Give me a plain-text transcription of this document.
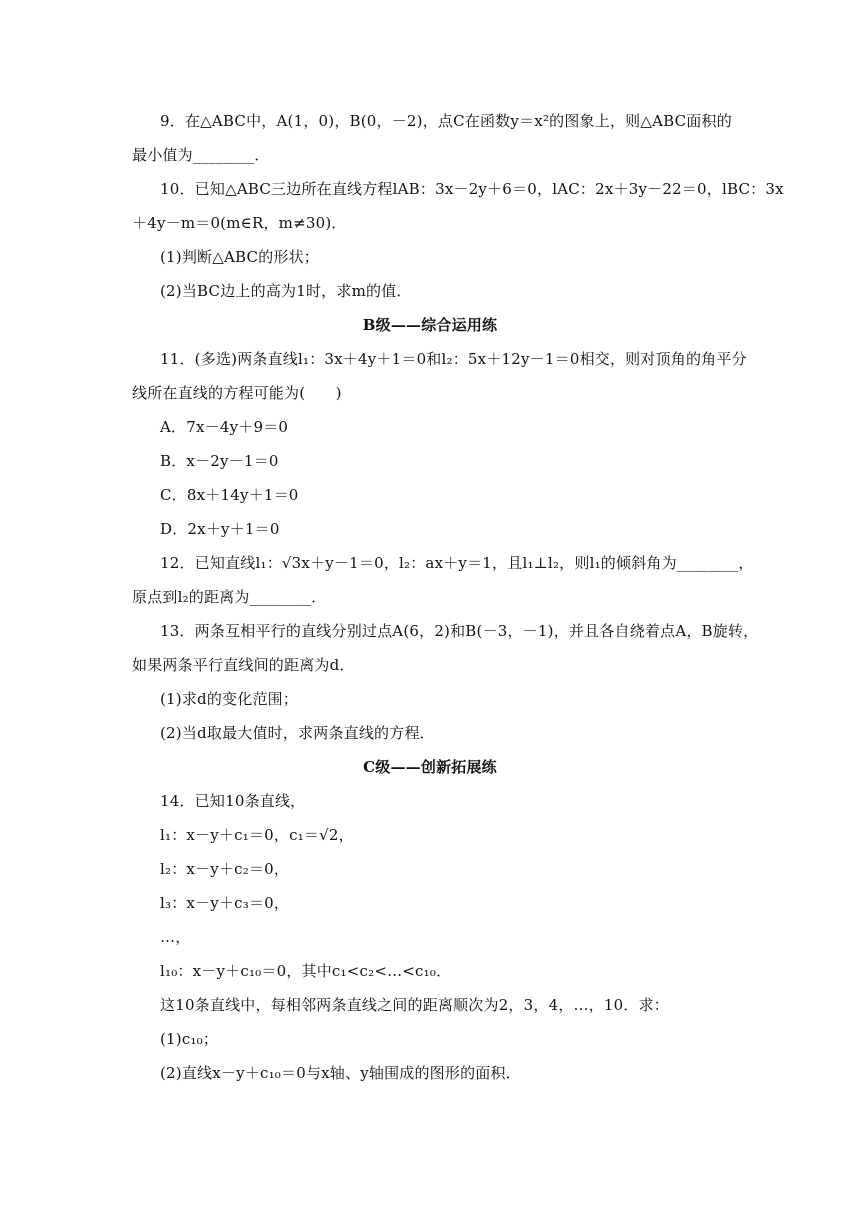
9．在△ABC中，A(1，0)，B(0，－2)，点C在函数y＝x²的图象上，则△ABC面积的
最小值为________．
10．已知△ABC三边所在直线方程lAB：3x－2y＋6＝0，lAC：2x＋3y－22＝0，lBC：3x
＋4y－m＝0(m∈R，m≠30)．
(1)判断△ABC的形状；
(2)当BC边上的高为1时，求m的值．
B级——综合运用练
11．(多选)两条直线l₁：3x＋4y＋1＝0和l₂：5x＋12y－1＝0相交，则对顶角的角平分
线所在直线的方程可能为(　　)
A．7x－4y＋9＝0
B．x－2y－1＝0
C．8x＋14y＋1＝0
D．2x＋y＋1＝0
12．已知直线l₁：√3x＋y－1＝0，l₂：ax＋y＝1，且l₁⊥l₂，则l₁的倾斜角为________，
原点到l₂的距离为________．
13．两条互相平行的直线分别过点A(6，2)和B(－3，－1)，并且各自绕着点A，B旋转，
如果两条平行直线间的距离为d．
(1)求d的变化范围；
(2)当d取最大值时，求两条直线的方程．
C级——创新拓展练
14．已知10条直线，
l₁：x－y＋c₁＝0，c₁＝√2，
l₂：x－y＋c₂＝0，
l₃：x－y＋c₃＝0，
…，
l₁₀：x－y＋c₁₀＝0，其中c₁<c₂<…<c₁₀．
这10条直线中，每相邻两条直线之间的距离顺次为2，3，4，…，10．求：
(1)c₁₀；
(2)直线x－y＋c₁₀＝0与x轴、y轴围成的图形的面积．
